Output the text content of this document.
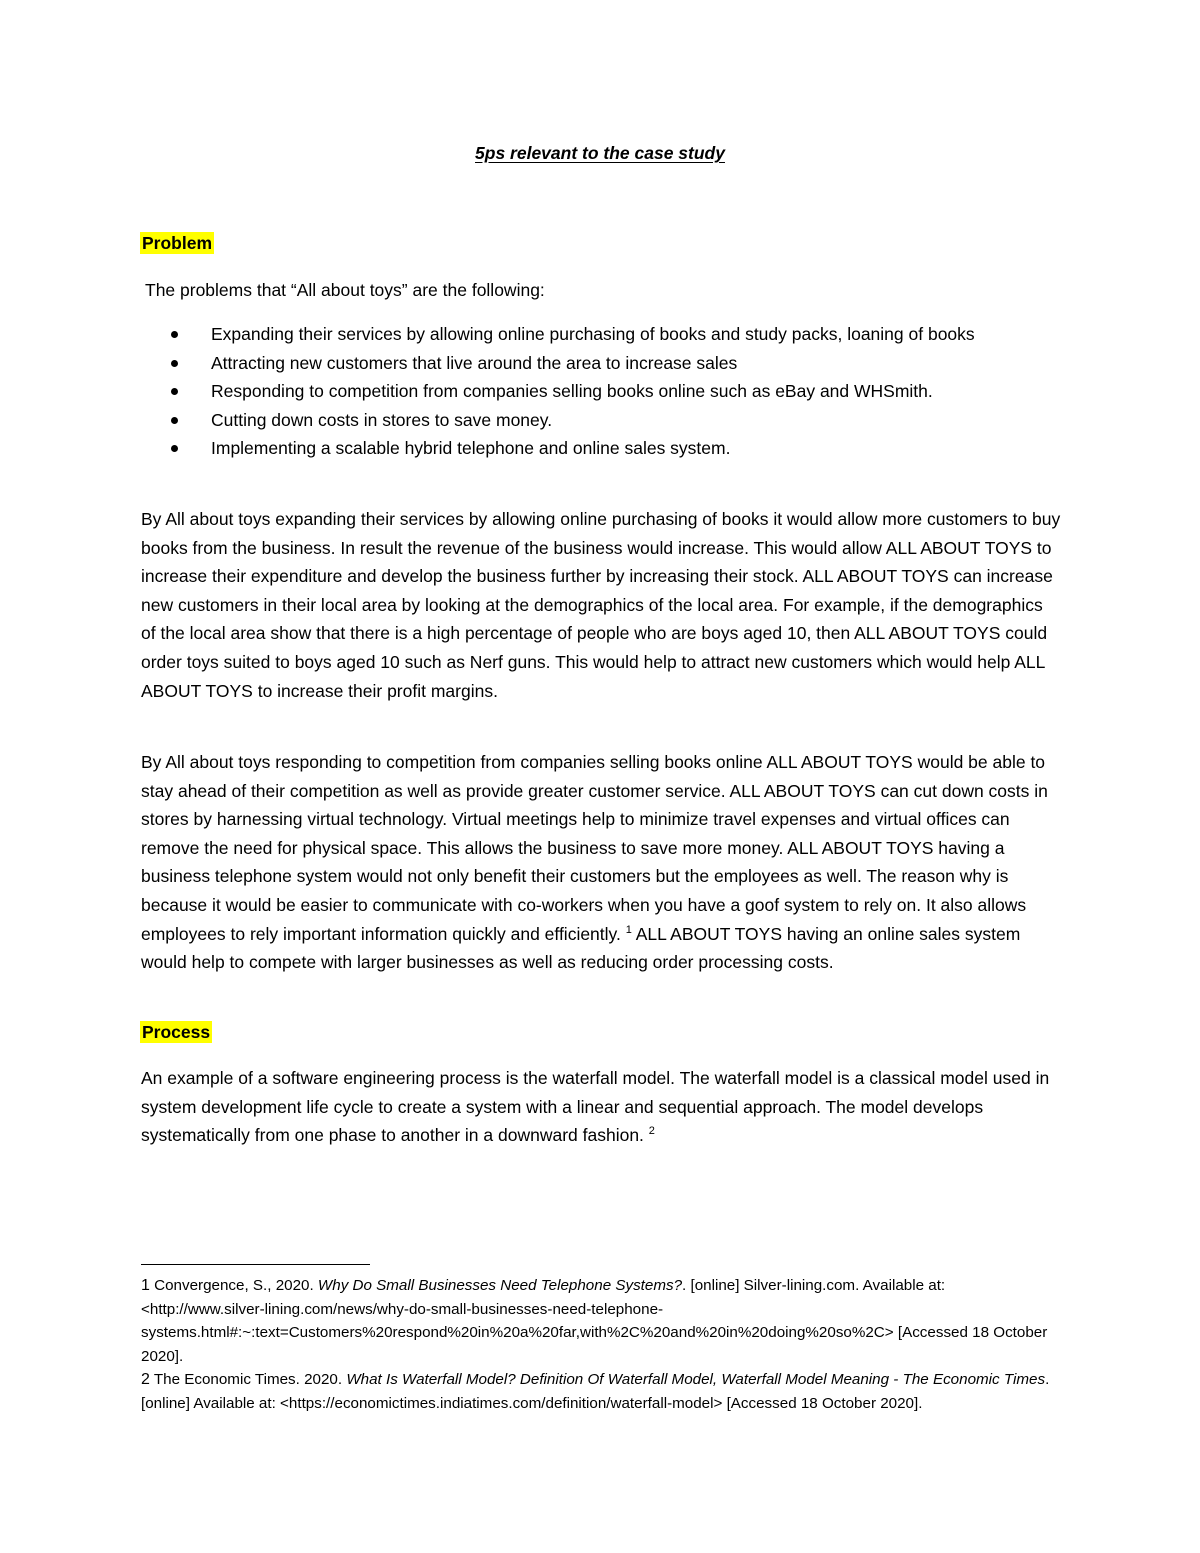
5ps relevant to the case study
Problem

The problems that “All about toys” are the following:

Expanding their services by allowing online purchasing of books and study packs, loaning of books
Attracting new customers that live around the area to increase sales
Responding to competition from companies selling books online such as eBay and WHSmith.
Cutting down costs in stores to save money.
Implementing a scalable hybrid telephone and online sales system.

By All about toys expanding their services by allowing online purchasing of books it would allow more customers to buy books from the business. In result the revenue of the business would increase. This would allow ALL ABOUT TOYS to increase their expenditure and develop the business further by increasing their stock. ALL ABOUT TOYS can increase new customers in their local area by looking at the demographics of the local area. For example, if the demographics of the local area show that there is a high percentage of people who are boys aged 10, then ALL ABOUT TOYS could order toys suited to boys aged 10 such as Nerf guns. This would help to attract new customers which would help ALL ABOUT TOYS to increase their profit margins.

By All about toys responding to competition from companies selling books online ALL ABOUT TOYS would be able to stay ahead of their competition as well as provide greater customer service. ALL ABOUT TOYS can cut down costs in stores by harnessing virtual technology. Virtual meetings help to minimize travel expenses and virtual offices can remove the need for physical space. This allows the business to save more money. ALL ABOUT TOYS having a business telephone system would not only benefit their customers but the employees as well. The reason why is because it would be easier to communicate with co-workers when you have a goof system to rely on. It also allows employees to rely important information quickly and efficiently. $^1$ ALL ABOUT TOYS having an online sales system would help to compete with larger businesses as well as reducing order processing costs.

Process

An example of a software engineering process is the waterfall model. The waterfall model is a classical model used in system development life cycle to create a system with a linear and sequential approach. The model develops systematically from one phase to another in a downward fashion. $^2$

1 Convergence, S., 2020. Why Do Small Businesses Need Telephone Systems?. [online] Silver-lining.com. Available at: <http://www.silver-lining.com/news/why-do-small-businesses-need-telephone-systems.html#:~:text=Customers%20respond%20in%20a%20far,with%2C%20and%20in%20doing%20so%2C> [Accessed 18 October 2020].

2 The Economic Times. 2020. What Is Waterfall Model? Definition Of Waterfall Model, Waterfall Model Meaning - The Economic Times. [online] Available at: <https://economictimes.indiatimes.com/definition/waterfall-model> [Accessed 18 October 2020].
